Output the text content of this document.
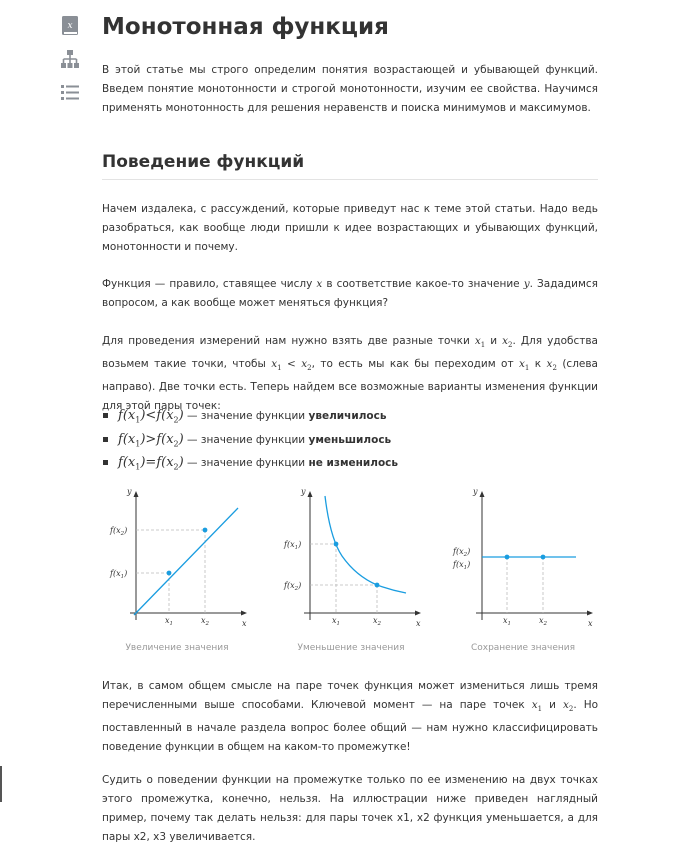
x Монотонная функция

В этой статье мы строго определим понятия возрастающей и убывающей функций. Введем понятие монотонности и строгой монотонности, изучим ее свойства. Научимся применять монотонность для решения неравенств и поиска минимумов и максимумов.

Поведение функций

Начем издалека, с рассуждений, которые приведут нас к теме этой статьи. Надо ведь разобраться, как вообще люди пришли к идее возрастающих и убывающих функций, монотонности и почему.

Функция — правило, ставящее числу x в соответствие какое-то значение y. Зададимся вопросом, а как вообще может меняться функция?

Для проведения измерений нам нужно взять две разные точки $x_1$ и $x_2$. Для удобства возьмем такие точки, чтобы $x_1 < x_2$, то есть мы как бы переходим от $x_1$ к $x_2$ (слева направо). Две точки есть. Теперь найдем все возможные варианты изменения функции для этой пары точек:

$f(x_1)<f(x_2)$ — значение функции увеличилось
$f(x_1)>f(x_2)$ — значение функции уменьшилось
$f(x_1)=f(x_2)$ — значение функции не изменилось

Итак, в самом общем смысле на паре точек функция может измениться лишь тремя перечисленными выше способами. Ключевой момент — на паре точек $x_1$ и $x_2$. Но поставленный в начале раздела вопрос более общий — нам нужно классифицировать поведение функции в общем на каком-то промежутке!

Судить о поведении функции на промежутке только по ее изменению на двух точках этого промежутка, конечно, нельзя. На иллюстрации ниже приведен наглядный пример, почему так делать нельзя: для пары точек x1, x2 функция уменьшается, а для пары x2, x3 увеличивается.

y
x
$f(x_1)$
$f(x_2)$
$x_1$	$x_2$
Увеличение значения
y
x
$f(x_1)$
$f(x_2)$
$x_1$	$x_2$
Уменьшение значения
y
x
$f(x_2)$
$f(x_1)$
$x_1$	$x_2$
Сохранение значения
